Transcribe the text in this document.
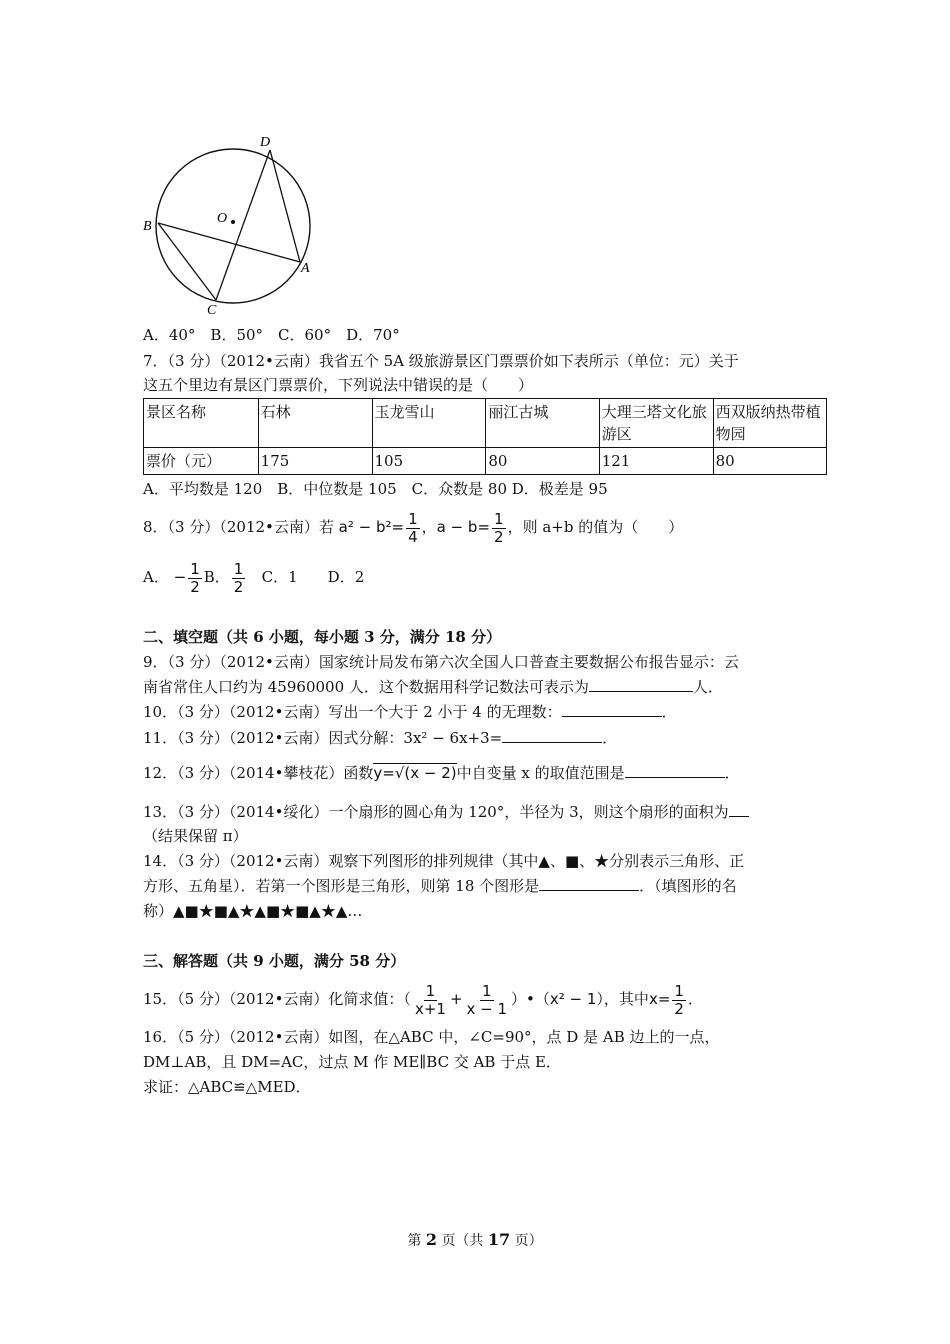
D
O
B
A
C
A．40°　B．50°　C．60°　D．70°
7．（3 分）（2012•云南）我省五个 5A 级旅游景区门票票价如下表所示（单位：元）关于
这五个里边有景区门票票价，下列说法中错误的是（　　）
景区名称	石林	玉龙雪山	丽江古城	大理三塔文化旅游区	西双版纳热带植物园
票价（元）	175	105	80	121	80
A．平均数是 120　B．中位数是 105　C．众数是 80 D．极差是 95
8．（3 分）（2012•云南）若 $a^2 - b^2= \frac{1}{4}$ ，$a - b= \frac{1}{2}$ ，则 a+b 的值为（　　）
A． − $\frac{1}{2}$ B． $\frac{1}{2}$ C．1　　D．2
二、填空题（共 6 小题，每小题 3 分，满分 18 分）
9．（3 分）（2012•云南）国家统计局发布第六次全国人口普查主要数据公布报告显示：云
南省常住人口约为 45960000 人．这个数据用科学记数法可表示为	人．
10．（3 分）（2012•云南）写出一个大于 2 小于 4 的无理数：	．
11．（3 分）（2012•云南）因式分解：3x² − 6x+3=	．
12．（3 分）（2014•攀枝花）函数y=√(x − 2)中自变量 x 的取值范围是	．
13．（3 分）（2014•绥化）一个扇形的圆心角为 120°，半径为 3，则这个扇形的面积为
（结果保留 π）
14．（3 分）（2012•云南）观察下列图形的排列规律（其中▲、■、★分别表示三角形、正
方形、五角星）．若第一个图形是三角形，则第 18 个图形是	．（填图形的名
称）▲■★■▲★▲■★■▲★▲…
三、解答题（共 9 小题，满分 58 分）
15．（5 分）（2012•云南）化简求值：（ $\frac{1}{x+1} + \frac{1}{x - 1}$ ）•（x² − 1），其中$x= \frac{1}{2}$ ．
16．（5 分）（2012•云南）如图，在△ABC 中，∠C=90°，点 D 是 AB 边上的一点，
DM⊥AB，且 DM=AC，过点 M 作 ME∥BC 交 AB 于点 E．
求证：△ABC≌△MED．
第 2 页（共 17 页）
